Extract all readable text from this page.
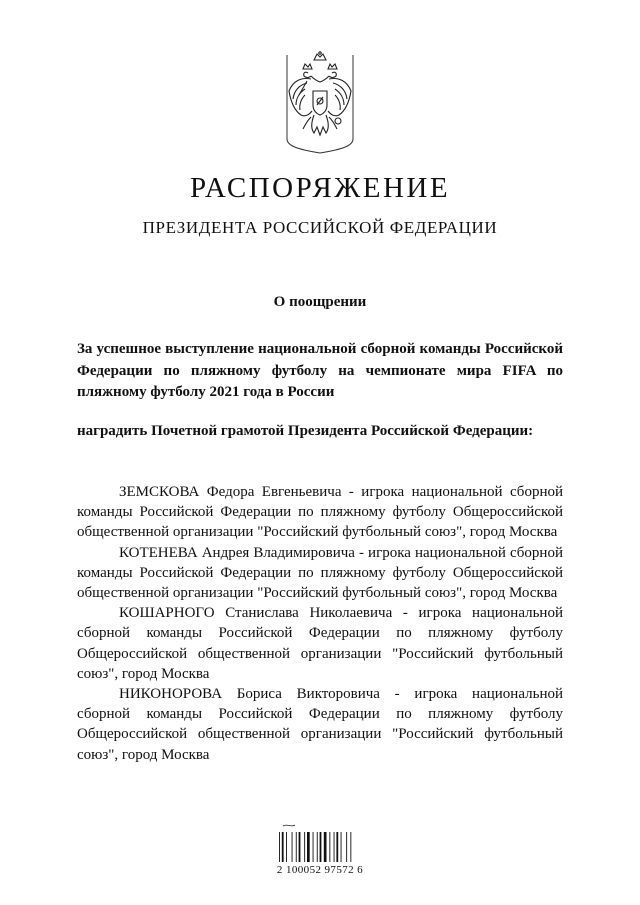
РАСПОРЯЖЕНИЕ
ПРЕЗИДЕНТА РОССИЙСКОЙ ФЕДЕРАЦИИ
О поощрении
За успешное выступление национальной сборной команды Российской Федерации по пляжному футболу на чемпионате мира FIFA по пляжному футболу 2021 года в России
наградить Почетной грамотой Президента Российской Федерации:

ЗЕМСКОВА Федора Евгеньевича - игрока национальной сборной команды Российской Федерации по пляжному футболу Общероссийской общественной организации "Российский футбольный союз", город Москва

КОТЕНЕВА Андрея Владимировича - игрока национальной сборной команды Российской Федерации по пляжному футболу Общероссийской общественной организации "Российский футбольный союз", город Москва

КОШАРНОГО Станислава Николаевича - игрока национальной сборной команды Российской Федерации по пляжному футболу Общероссийской общественной организации "Российский футбольный союз", город Москва

НИКОНОРОВА Бориса Викторовича - игрока национальной сборной команды Российской Федерации по пляжному футболу Общероссийской общественной организации "Российский футбольный союз", город Москва

2 100052 97572 6
